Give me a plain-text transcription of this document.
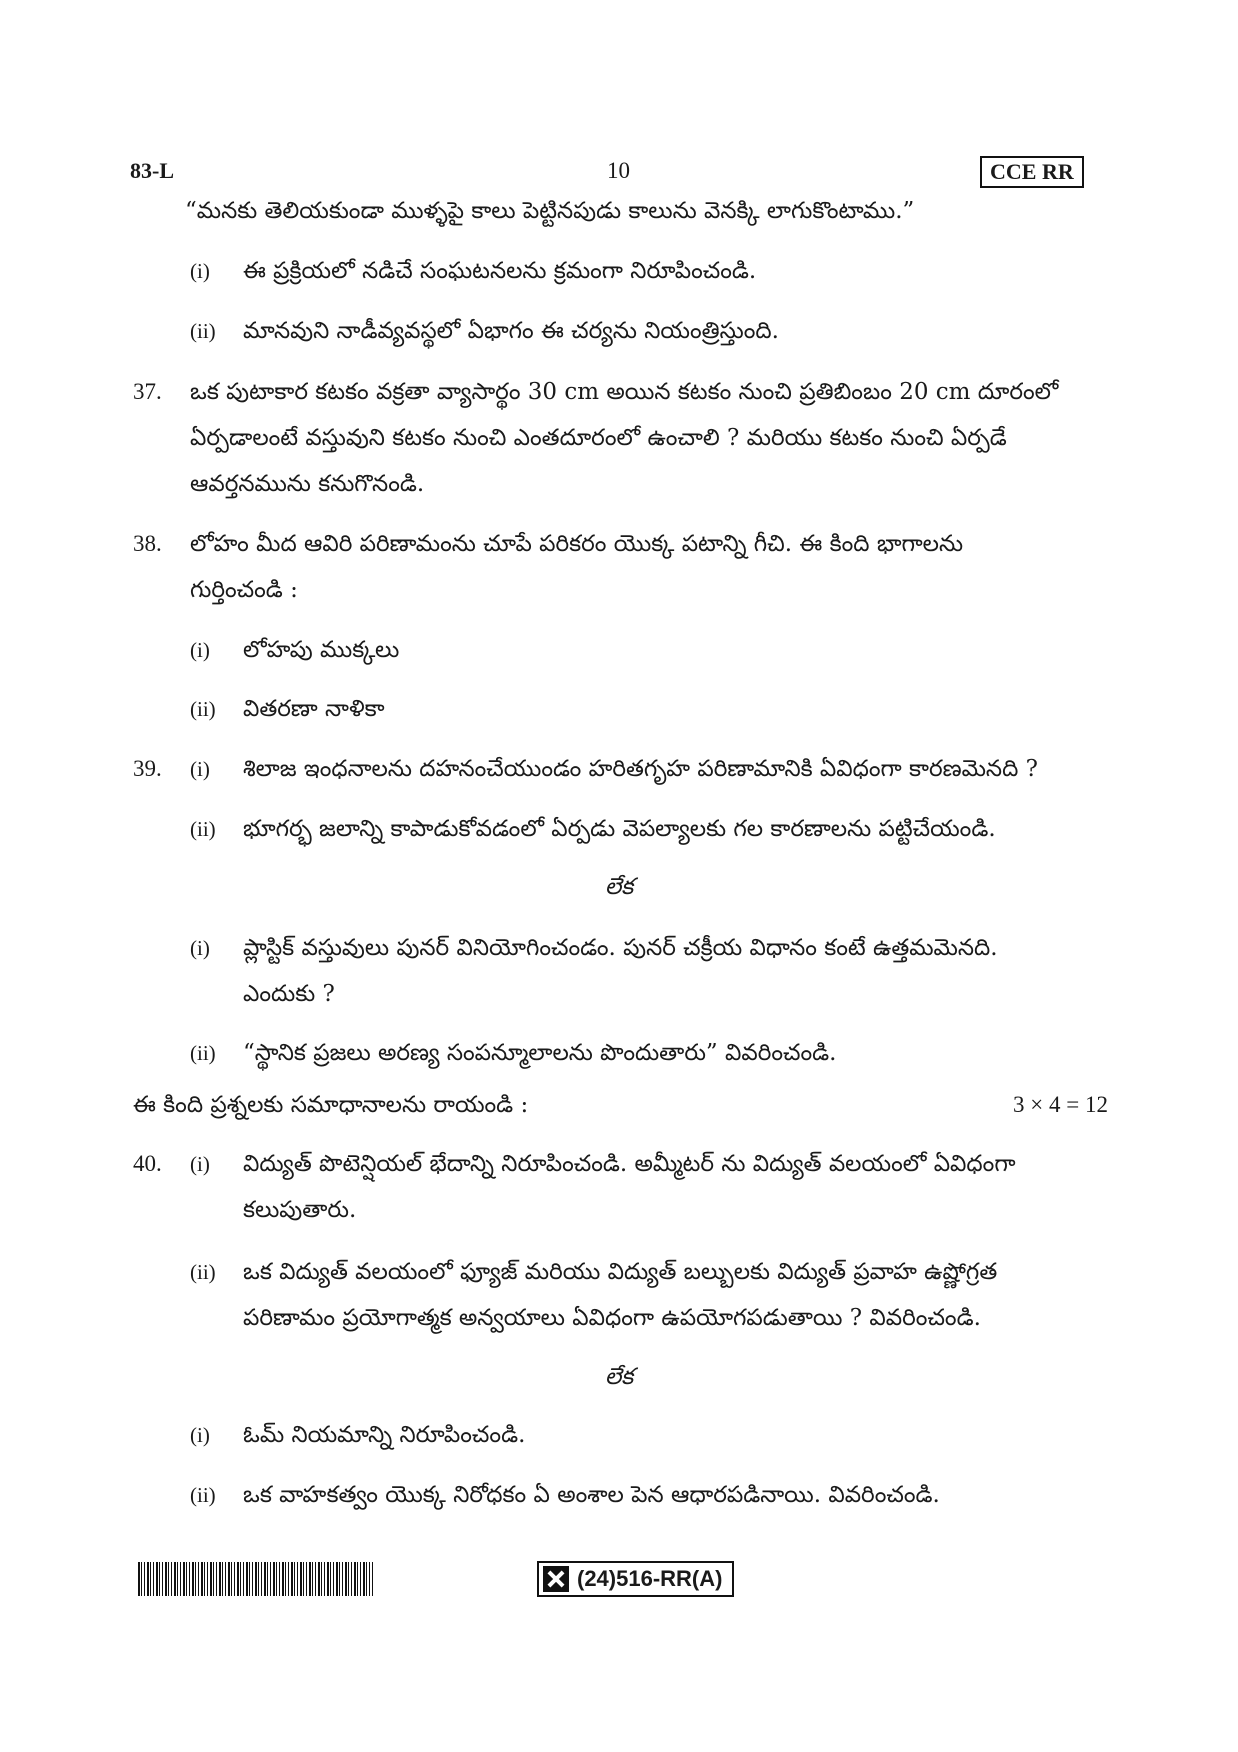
83-L	10	CCE RR
“మనకు తెలియకుండా ముళ్ళపై కాలు పెట్టినపుడు కాలును వెనక్కి లాగుకొంటాము.”
(i) ఈ ప్రక్రియలో నడిచే సంఘటనలను క్రమంగా నిరూపించండి.
(ii) మానవుని నాడీవ్యవస్థలో ఏభాగం ఈ చర్యను నియంత్రిస్తుంది.
37. ఒక పుటాకార కటకం వక్రతా వ్యాసార్థం 30 cm అయిన కటకం నుంచి ప్రతిబింబం 20 cm దూరంలో
ఏర్పడాలంటే వస్తువుని కటకం నుంచి ఎంతదూరంలో ఉంచాలి ? మరియు కటకం నుంచి ఏర్పడే
ఆవర్తనమును కనుగొనండి.
38. లోహం మీద ఆవిరి పరిణామంను చూపే పరికరం యొక్క పటాన్ని గీచి. ఈ కింది భాగాలను
గుర్తించండి :
(i) లోహపు ముక్కలు
(ii) వితరణా నాళికా
39. (i) శిలాజ ఇంధనాలను దహనంచేయుండం హరితగృహ పరిణామానికి ఏవిధంగా కారణమెనది ?
(ii) భూగర్భ జలాన్ని కాపాడుకోవడంలో ఏర్పడు వెపల్యాలకు గల కారణాలను పట్టిచేయండి.
లేక
(i) ప్లాస్టిక్ వస్తువులు పునర్ వినియోగించండం. పునర్ చక్రీయ విధానం కంటే ఉత్తమమెనది.
ఎందుకు ?
(ii) “స్థానిక ప్రజలు అరణ్య సంపన్మూలాలను పొందుతారు” వివరించండి.
ఈ కింది ప్రశ్నలకు సమాధానాలను రాయండి :	3 × 4 = 12
40. (i) విద్యుత్ పొటెన్షియల్ భేదాన్ని నిరూపించండి. అమ్మీటర్ ను విద్యుత్ వలయంలో ఏవిధంగా
కలుపుతారు.
(ii) ఒక విద్యుత్ వలయంలో ఫ్యూజ్ మరియు విద్యుత్ బల్బులకు విద్యుత్ ప్రవాహ ఉష్ణోగ్రత
పరిణామం ప్రయోగాత్మక అన్వయాలు ఏవిధంగా ఉపయోగపడుతాయి ? వివరించండి.
లేక
(i) ఓమ్ నియమాన్ని నిరూపించండి.
(ii) ఒక వాహకత్వం యొక్క నిరోధకం ఏ అంశాల పెన ఆధారపడినాయి. వివరించండి.
(24)516-RR(A)
